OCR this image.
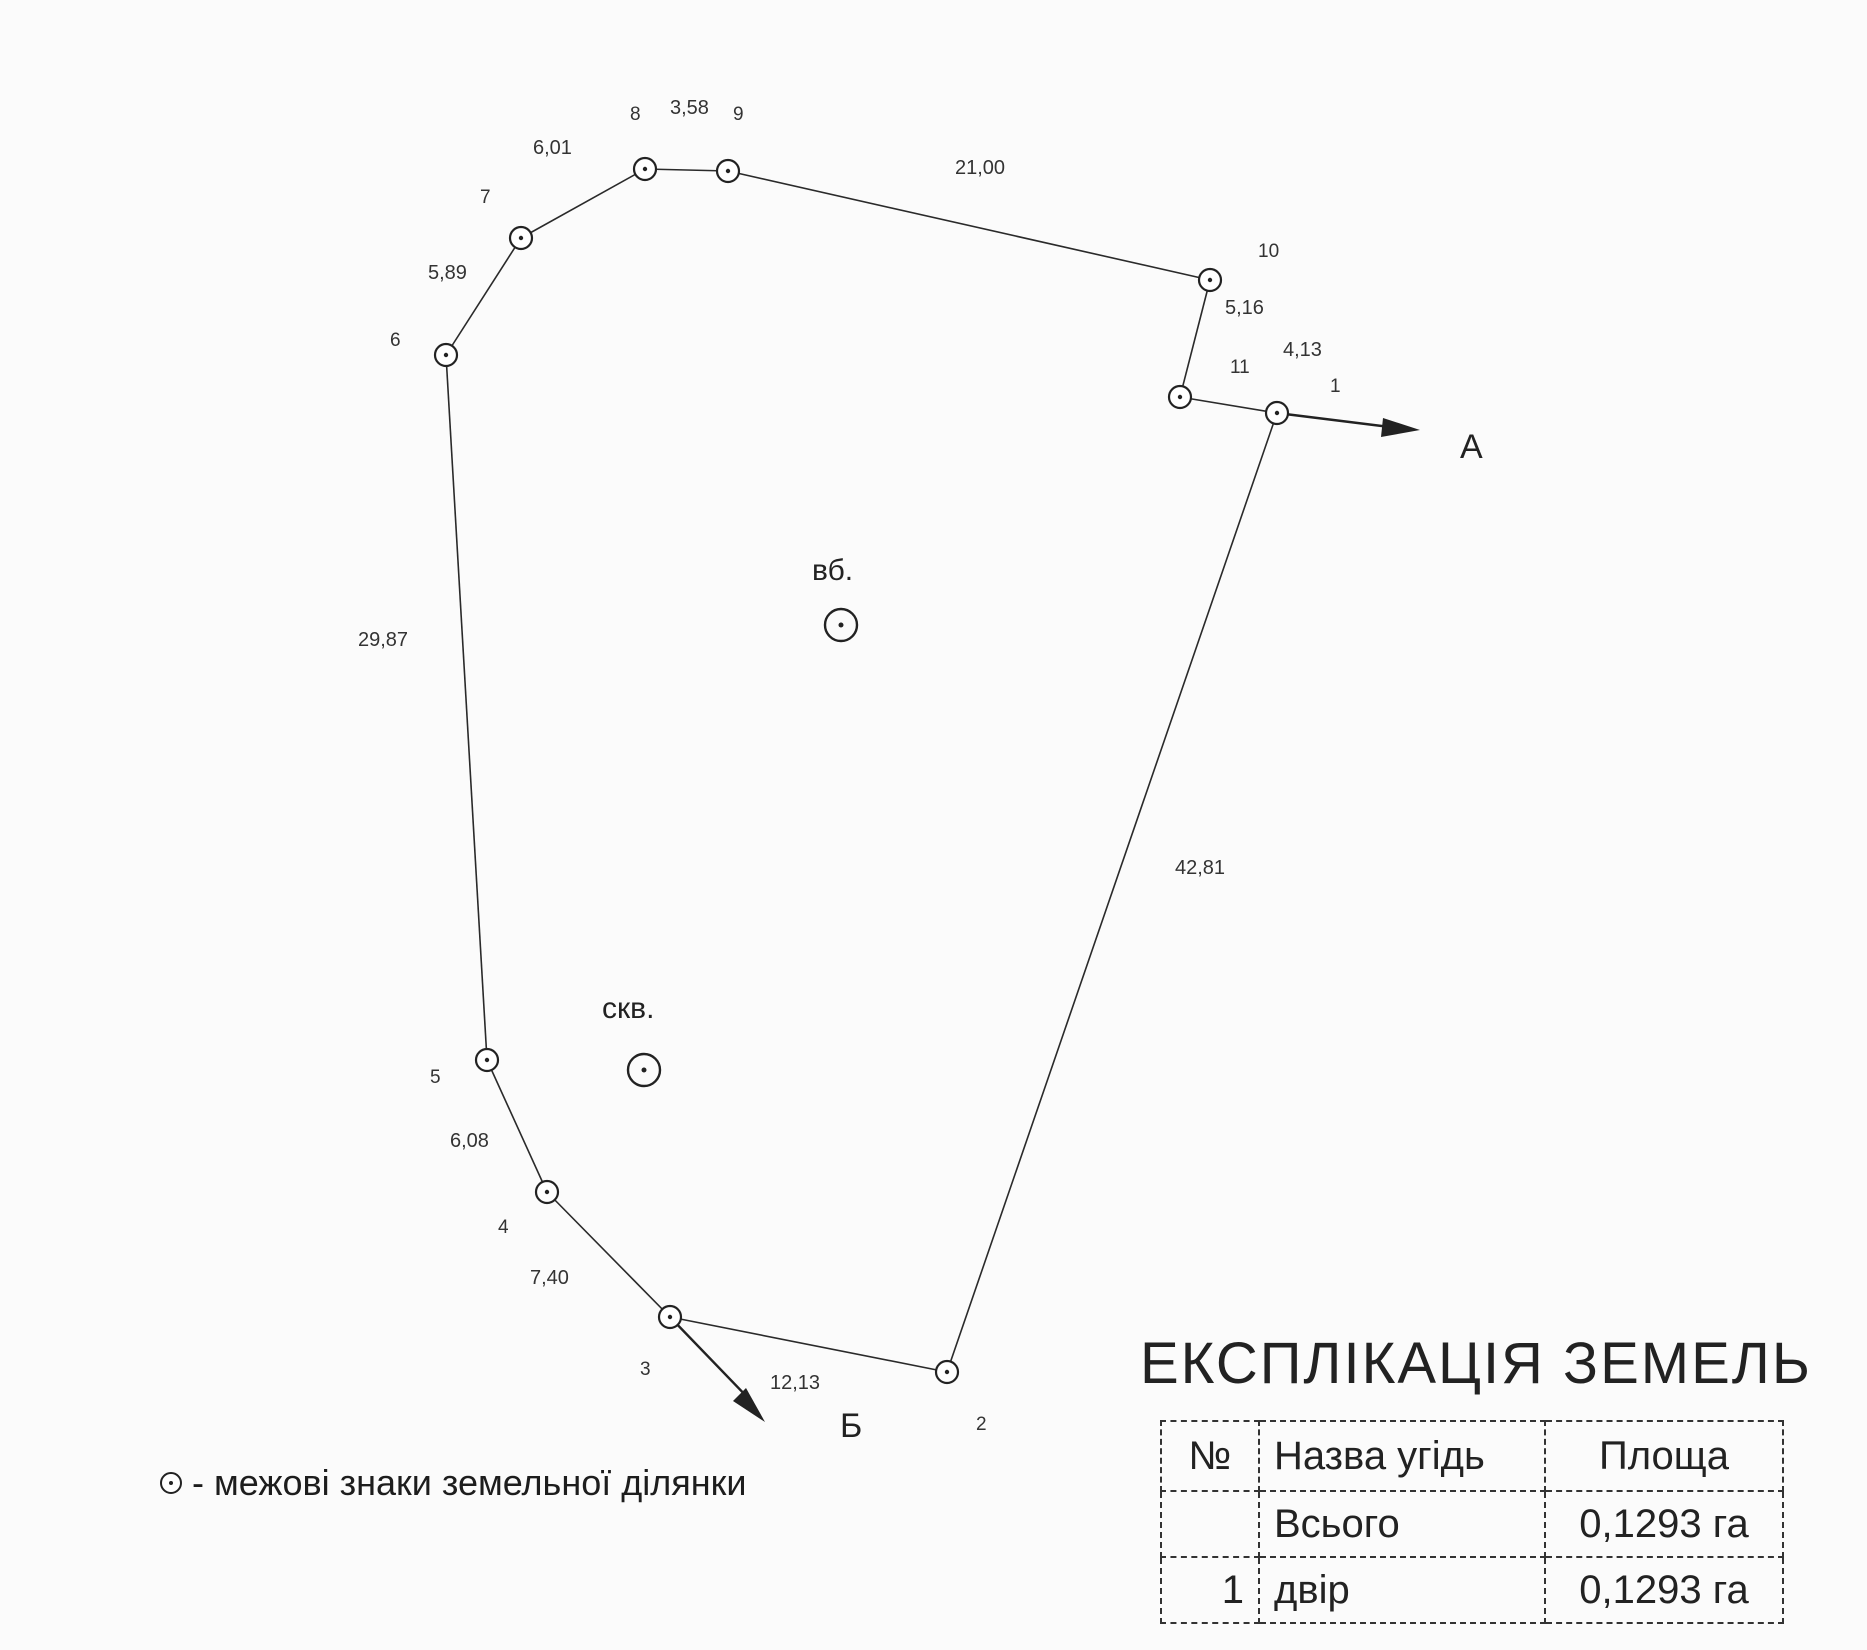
42,81
12,13
7,40
6,08
29,87
5,89
6,01
3,58
21,00
5,16
4,13
1
2
3
4
5
6
7
8	9
10
11
А
Б
вб.
скв.
- межові знаки земельної ділянки
ЕКСПЛІКАЦІЯ ЗЕМЕЛЬ
№	Назва угідь	Площа
	Всього	0,1293 га
1	двір	0,1293 га
